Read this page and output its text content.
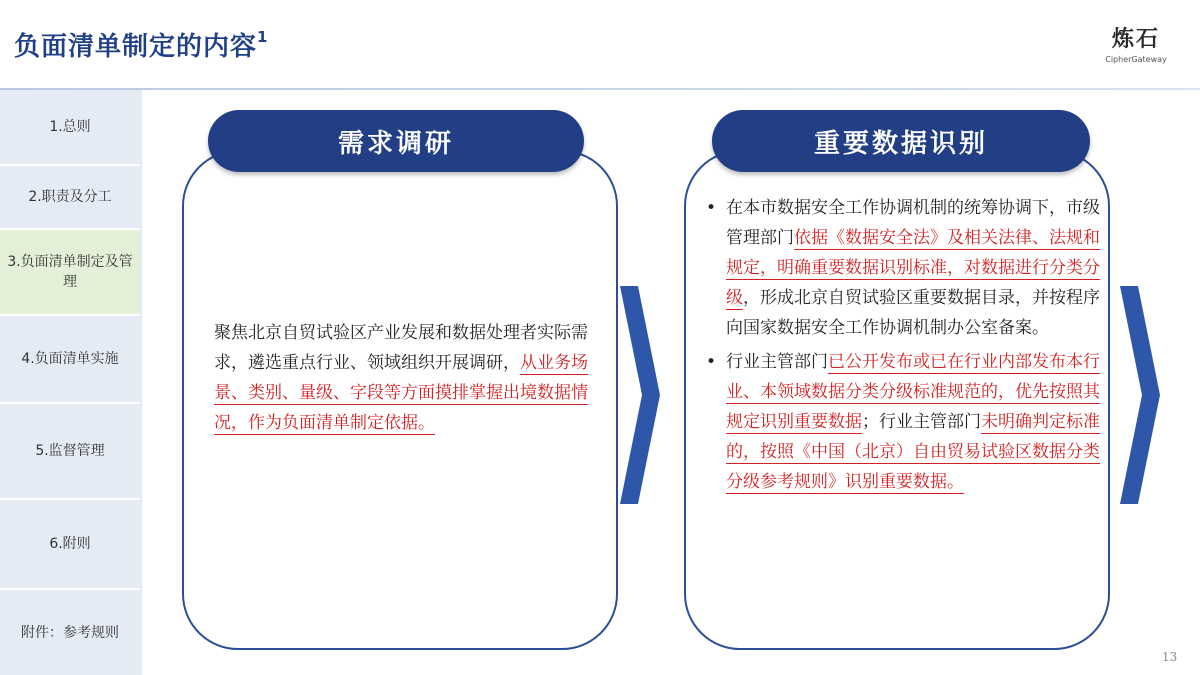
负面清单制定的内容$^1$	炼石
CipherGateway
1.总则
2.职责及分工
3.负面清单制定及管理
4.负面清单实施
5.监督管理
6.附则
附件：参考规则
需求调研	重要数据识别
聚焦北京自贸试验区产业发展和数据处理者实际需求，遴选重点行业、领域组织开展调研，从业务场景、类别、量级、字段等方面摸排掌握出境数据情况，作为负面清单制定依据。
• 在本市数据安全工作协调机制的统筹协调下，市级管理部门依据《数据安全法》及相关法律、法规和规定，明确重要数据识别标准，对数据进行分类分级，形成北京自贸试验区重要数据目录，并按程序向国家数据安全工作协调机制办公室备案。
• 行业主管部门已公开发布或已在行业内部发布本行业、本领域数据分类分级标准规范的，优先按照其规定识别重要数据；行业主管部门未明确判定标准的，按照《中国（北京）自由贸易试验区数据分类分级参考规则》识别重要数据。
13
